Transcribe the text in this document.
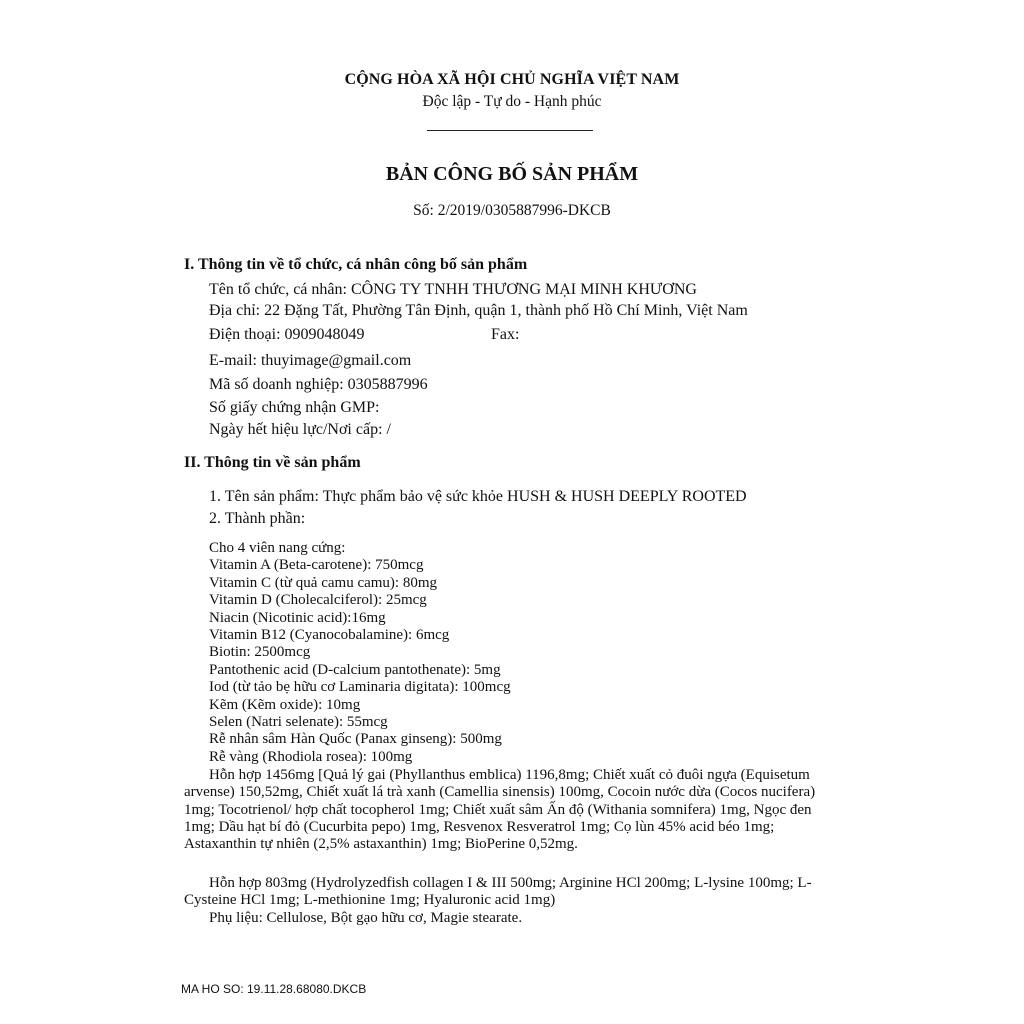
CỘNG HÒA XÃ HỘI CHỦ NGHĨA VIỆT NAM
Độc lập - Tự do - Hạnh phúc
BẢN CÔNG BỐ SẢN PHẨM
Số: 2/2019/0305887996-DKCB
I. Thông tin về tổ chức, cá nhân công bố sản phẩm
Tên tổ chức, cá nhân: CÔNG TY TNHH THƯƠNG MẠI MINH KHƯƠNG
Địa chỉ: 22 Đặng Tất, Phường Tân Định, quận 1, thành phố Hồ Chí Minh, Việt Nam
Điện thoại: 0909048049	Fax:
E-mail: thuyimage@gmail.com
Mã số doanh nghiệp: 0305887996
Số giấy chứng nhận GMP:
Ngày hết hiệu lực/Nơi cấp: /
II. Thông tin về sản phẩm
1. Tên sản phẩm: Thực phẩm bảo vệ sức khỏe HUSH & HUSH DEEPLY ROOTED
2. Thành phần:
Cho 4 viên nang cứng:
Vitamin A (Beta-carotene): 750mcg
Vitamin C (từ quả camu camu): 80mg
Vitamin D (Cholecalciferol): 25mcg
Niacin (Nicotinic acid):16mg
Vitamin B12 (Cyanocobalamine): 6mcg
Biotin: 2500mcg
Pantothenic acid (D-calcium pantothenate): 5mg
Iod (từ tảo bẹ hữu cơ Laminaria digitata): 100mcg
Kẽm (Kẽm oxide): 10mg
Selen (Natri selenate): 55mcg
Rễ nhân sâm Hàn Quốc (Panax ginseng): 500mg
Rễ vàng (Rhodiola rosea): 100mg
Hỗn hợp 1456mg [Quả lý gai (Phyllanthus emblica) 1196,8mg; Chiết xuất cỏ đuôi ngựa (Equisetum arvense) 150,52mg, Chiết xuất lá trà xanh (Camellia sinensis) 100mg, Cocoin nước dừa (Cocos nucifera) 1mg; Tocotrienol/ hợp chất tocopherol 1mg; Chiết xuất sâm Ấn độ (Withania somnifera) 1mg, Ngọc đen 1mg; Dầu hạt bí đỏ (Cucurbita pepo) 1mg, Resvenox Resveratrol 1mg; Cọ lùn 45% acid béo 1mg; Astaxanthin tự nhiên (2,5% astaxanthin) 1mg; BioPerine 0,52mg.
Hỗn hợp 803mg (Hydrolyzedfish collagen I & III 500mg; Arginine HCl 200mg; L-lysine 100mg; L-Cysteine HCl 1mg; L-methionine 1mg; Hyaluronic acid 1mg)
Phụ liệu: Cellulose, Bột gạo hữu cơ, Magie stearate.
MA HO SO: 19.11.28.68080.DKCB
